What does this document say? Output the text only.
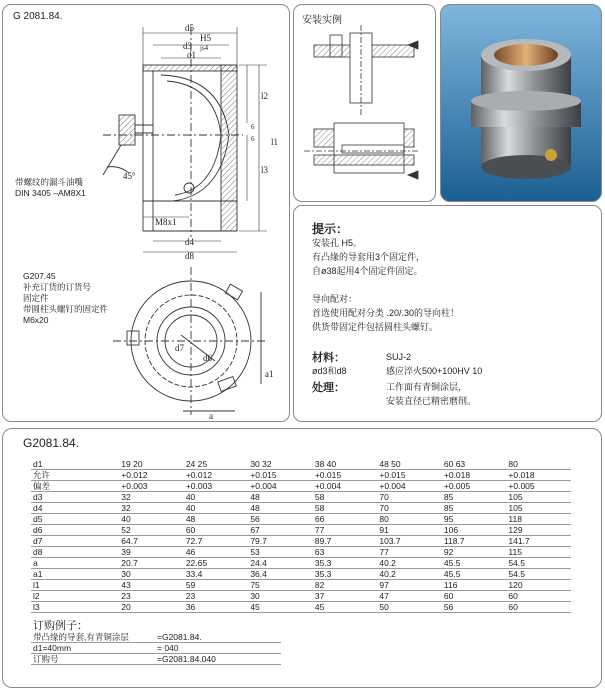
G 2081.84.
d5
H5
d3 js4
d1
l2
l1
l3
6
6
45°
M8x1
d4
d8
d7
d6
a1
a
带螺纹的漏斗油嘴
DIN 3405 –AM8X1
G207.45
补充订货的订货号
固定件
带圆柱头螺钉的固定件
M6x20
安装实例
提示：
安装孔 H5。
有凸缘的导套用3个固定件，
自ø38起用4个固定件固定。
导向配对：
首选使用配对分类 .20/.30的导向柱！
供货带固定件包括圆柱头螺钉。
材料：	SUJ-2
ød3和d8	感应淬火500+100HV 10
处理：	工作面有青铜涂层，
安装直径已精密磨削。
G2081.84.
d1	19 20	24 25	30 32	38 40	48 50	60 63	80
允许	+0.012	+0.012	+0.015	+0.015	+0.015	+0.018	+0.018
偏差	+0.003	+0.003	+0.004	+0.004	+0.004	+0.005	+0.005
d3	32	40	48	58	70	85	105
d4	32	40	48	58	70	85	105
d5	40	48	56	66	80	95	118
d6	52	60	67	77	91	106	129
d7	64.7	72.7	79.7	89.7	103.7	118.7	141.7
d8	39	46	53	63	77	92	115
a	20.7	22.65	24.4	35.3	40.2	45.5	54.5
a1	30	33.4	36.4	35.3	40.2	45.5	54.5
l1	43	59	75	82	97	116	120
l2	23	23	30	37	47	60	60
l3	20	36	45	45	50	56	60
订购例子：
带凸缘的导套,有青铜涂层	=G2081.84.
d1=40mm	= 040
订购号	=G2081.84.040
